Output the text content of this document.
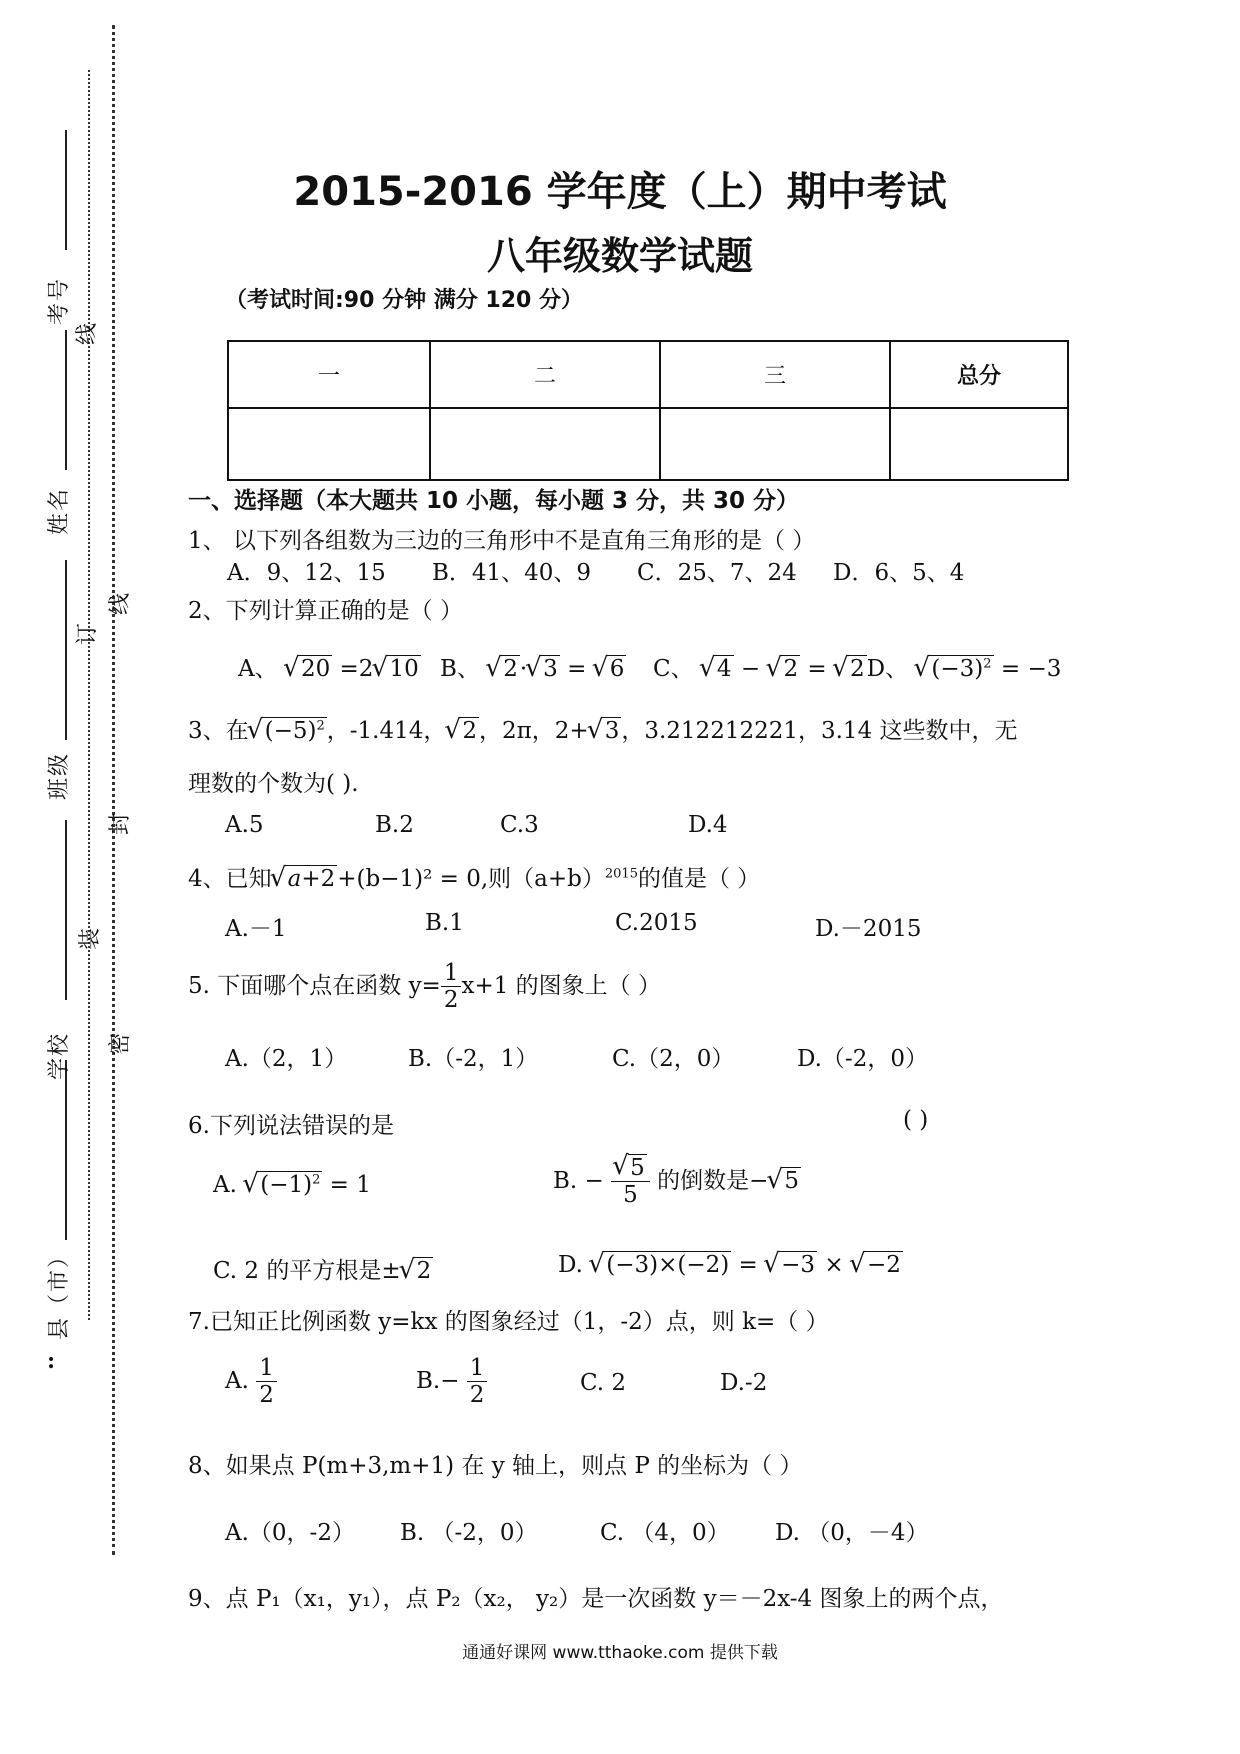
考号
姓名
班级
学校
县（市）
:
线
订
线
封
装
密
2015-2016 学年度（上）期中考试
八年级数学试题
（考试时间:90 分钟 满分 120 分）
一	二	三	总分

一、选择题（本大题共 10 小题，每小题 3 分，共 30 分）
1、 以下列各组数为三边的三角形中不是直角三角形的是（ ）
A．9、12、15 B．41、40、9 C．25、7、24 D．6、5、4
2、下列计算正确的是（ ）
A、 √ 20 =2 √ 10 B、 √ 2· √ 3 = √ 6 C、 √ 4 − √ 2 = √ 2D、 √ $(-3)^2 = -3$
3、在 √ $(-5)^2$，-1.414， √ 2，2π，2+ √ 3，3.212212221，3.14 这些数中，无
理数的个数为( ).
A.5	B.2	C.3	D.4
4、已知 √ a+2+(b−1)² = 0,则$(a+b)^{2015}$的值是（ ）
A.－1	B.1	C.2015	D.－2015
5. 下面哪个点在函数 $y= \frac{1}{2} x+1$ 的图象上（ ）
A.（2，1）	B.（-2，1）	C.（2，0）	D.（-2，0）
6.下列说法错误的是	( )
A. √ $(-1)^2 = 1$	B. − √ $\frac{5}{5}$ 的倒数是− √ 5
C. 2 的平方根是± √ 2	D. √ (−3)×(−2) = √ −3 × √ −2
7.已知正比例函数 y=kx 的图象经过（1，-2）点，则 k=（ ）
A. $\frac{1}{2}$	$B.- \frac{1}{2}$	C. 2	D.-2
8、如果点 P(m+3,m+1) 在 y 轴上，则点 P 的坐标为（ ）
A.（0，-2） B. （-2，0）	C. （4，0） D. （0，－4）
9、点 P₁（x₁，y₁），点 P₂（x₂， y₂）是一次函数 y＝－2x-4 图象上的两个点，
通通好课网 www.tthaoke.com 提供下载
